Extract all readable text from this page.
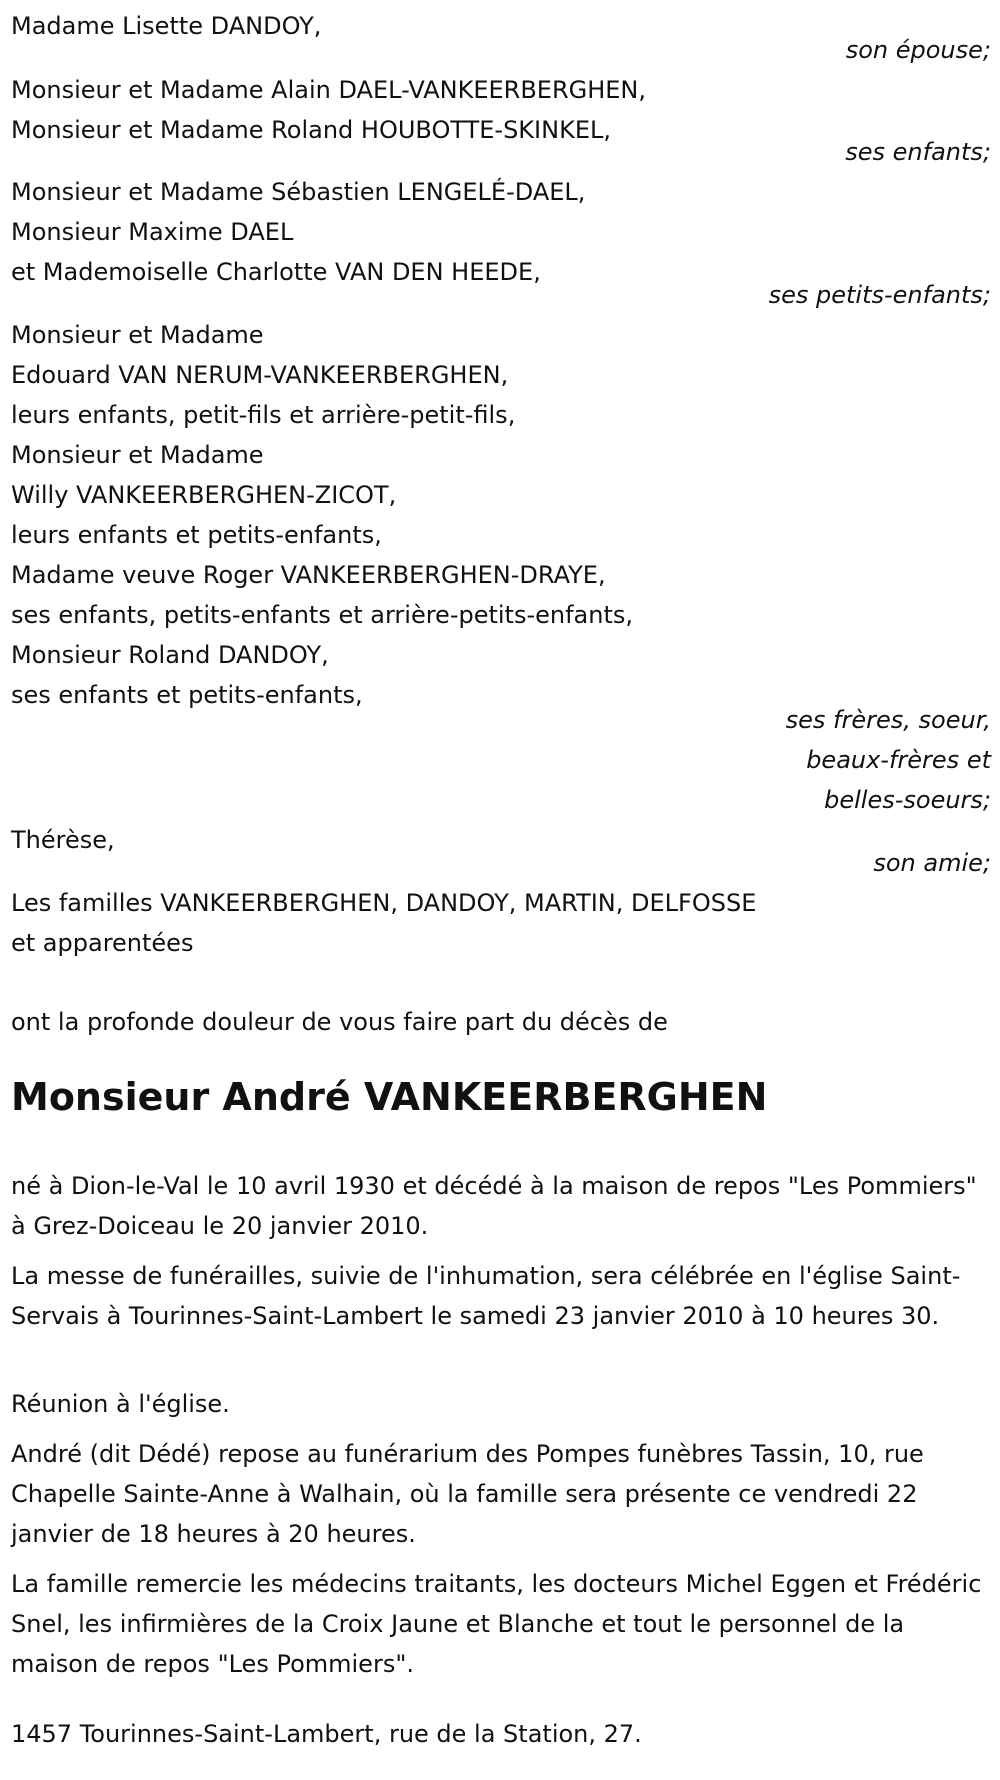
Madame Lisette DANDOY,
son épouse;
Monsieur et Madame Alain DAEL-VANKEERBERGHEN,
Monsieur et Madame Roland HOUBOTTE-SKINKEL,
ses enfants;
Monsieur et Madame Sébastien LENGELÉ-DAEL,
Monsieur Maxime DAEL
et Mademoiselle Charlotte VAN DEN HEEDE,
ses petits-enfants;
Monsieur et Madame
Edouard VAN NERUM-VANKEERBERGHEN,
leurs enfants, petit-fils et arrière-petit-fils,
Monsieur et Madame
Willy VANKEERBERGHEN-ZICOT,
leurs enfants et petits-enfants,
Madame veuve Roger VANKEERBERGHEN-DRAYE,
ses enfants, petits-enfants et arrière-petits-enfants,
Monsieur Roland DANDOY,
ses enfants et petits-enfants,
ses frères, soeur,
beaux-frères et
belles-soeurs;
Thérèse,
son amie;
Les familles VANKEERBERGHEN, DANDOY, MARTIN, DELFOSSE
et apparentées
ont la profonde douleur de vous faire part du décès de
Monsieur André VANKEERBERGHEN
né à Dion-le-Val le 10 avril 1930 et décédé à la maison de repos "Les Pommiers" à Grez-Doiceau le 20 janvier 2010.
La messe de funérailles, suivie de l'inhumation, sera célébrée en l'église Saint-Servais à Tourinnes-Saint-Lambert le samedi 23 janvier 2010 à 10 heures 30.
Réunion à l'église.
André (dit Dédé) repose au funérarium des Pompes funèbres Tassin, 10, rue Chapelle Sainte-Anne à Walhain, où la famille sera présente ce vendredi 22 janvier de 18 heures à 20 heures.
La famille remercie les médecins traitants, les docteurs Michel Eggen et Frédéric Snel, les infirmières de la Croix Jaune et Blanche et tout le personnel de la maison de repos "Les Pommiers".
1457 Tourinnes-Saint-Lambert, rue de la Station, 27.
